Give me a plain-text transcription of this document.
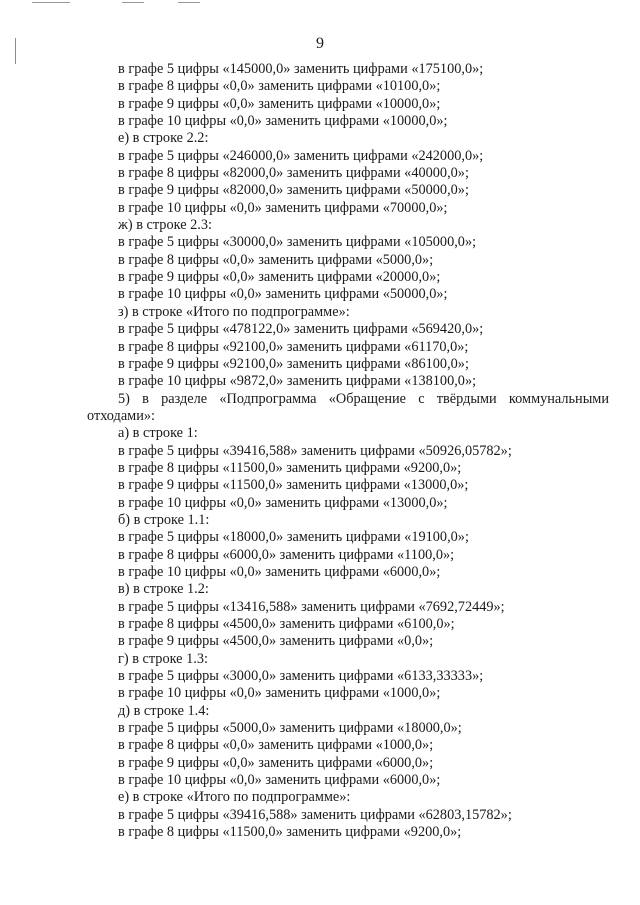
9

в графе 5 цифры «145000,0» заменить цифрами «175100,0»;

в графе 8 цифры «0,0» заменить цифрами «10100,0»;

в графе 9 цифры «0,0» заменить цифрами «10000,0»;

в графе 10 цифры «0,0» заменить цифрами «10000,0»;

е) в строке 2.2:

в графе 5 цифры «246000,0» заменить цифрами «242000,0»;

в графе 8 цифры «82000,0» заменить цифрами «40000,0»;

в графе 9 цифры «82000,0» заменить цифрами «50000,0»;

в графе 10 цифры «0,0» заменить цифрами «70000,0»;

ж) в строке 2.3:

в графе 5 цифры «30000,0» заменить цифрами «105000,0»;

в графе 8 цифры «0,0» заменить цифрами «5000,0»;

в графе 9 цифры «0,0» заменить цифрами «20000,0»;

в графе 10 цифры «0,0» заменить цифрами «50000,0»;

з) в строке «Итого по подпрограмме»:

в графе 5 цифры «478122,0» заменить цифрами «569420,0»;

в графе 8 цифры «92100,0» заменить цифрами «61170,0»;

в графе 9 цифры «92100,0» заменить цифрами «86100,0»;

в графе 10 цифры «9872,0» заменить цифрами «138100,0»;

5) в разделе «Подпрограмма «Обращение с твёрдыми коммунальными

отходами»:

а) в строке 1:

в графе 5 цифры «39416,588» заменить цифрами «50926,05782»;

в графе 8 цифры «11500,0» заменить цифрами «9200,0»;

в графе 9 цифры «11500,0» заменить цифрами «13000,0»;

в графе 10 цифры «0,0» заменить цифрами «13000,0»;

б) в строке 1.1:

в графе 5 цифры «18000,0» заменить цифрами «19100,0»;

в графе 8 цифры «6000,0» заменить цифрами «1100,0»;

в графе 10 цифры «0,0» заменить цифрами «6000,0»;

в) в строке 1.2:

в графе 5 цифры «13416,588» заменить цифрами «7692,72449»;

в графе 8 цифры «4500,0» заменить цифрами «6100,0»;

в графе 9 цифры «4500,0» заменить цифрами «0,0»;

г) в строке 1.3:

в графе 5 цифры «3000,0» заменить цифрами «6133,33333»;

в графе 10 цифры «0,0» заменить цифрами «1000,0»;

д) в строке 1.4:

в графе 5 цифры «5000,0» заменить цифрами «18000,0»;

в графе 8 цифры «0,0» заменить цифрами «1000,0»;

в графе 9 цифры «0,0» заменить цифрами «6000,0»;

в графе 10 цифры «0,0» заменить цифрами «6000,0»;

е) в строке «Итого по подпрограмме»:

в графе 5 цифры «39416,588» заменить цифрами «62803,15782»;

в графе 8 цифры «11500,0» заменить цифрами «9200,0»;
